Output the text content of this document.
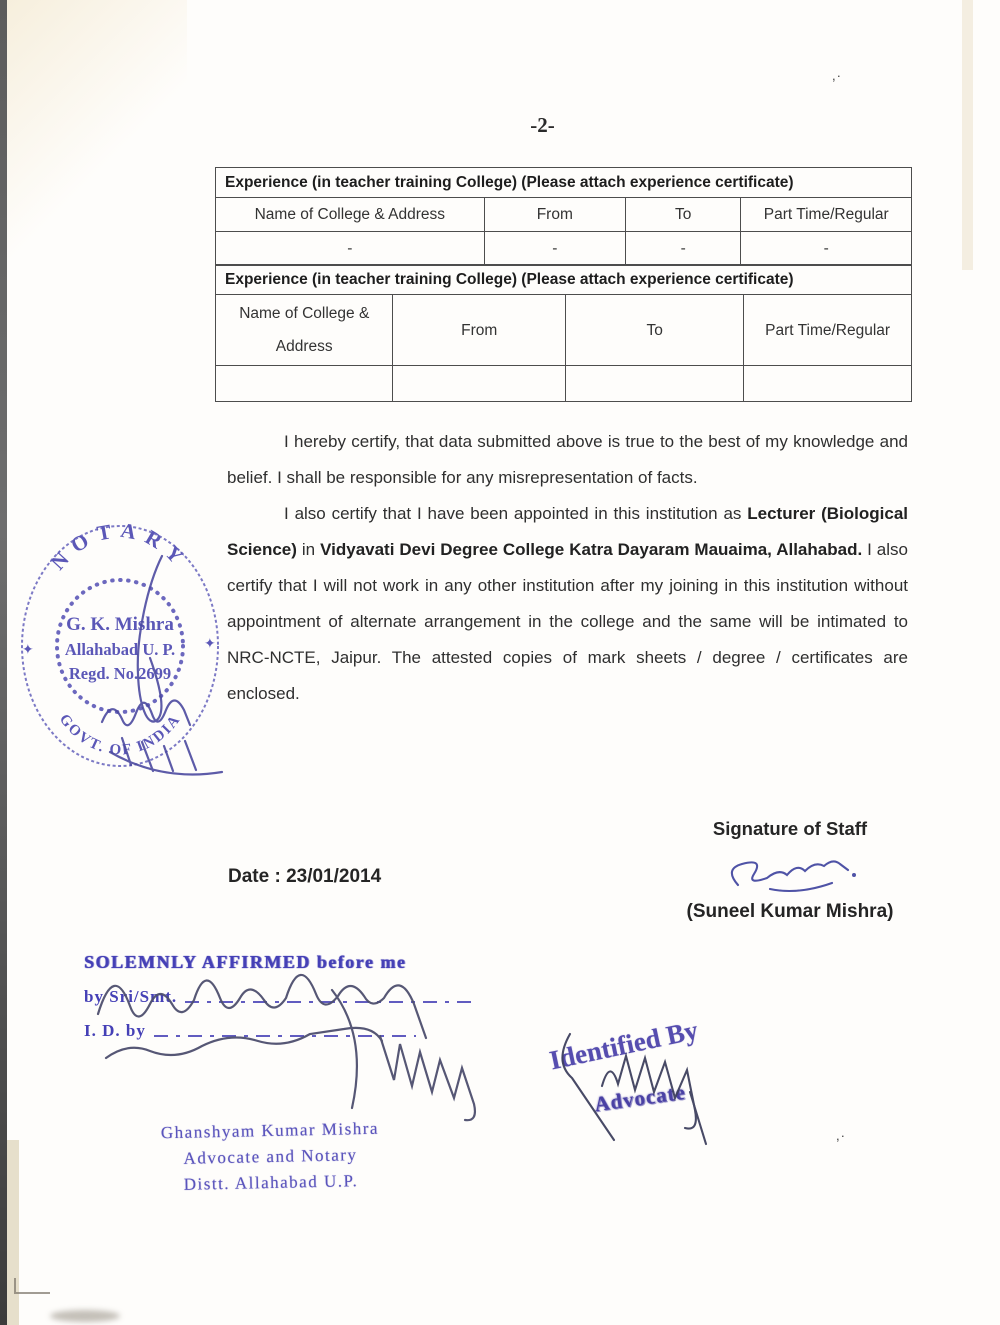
,·
,·
-2-
Experience (in teacher training College) (Please attach experience certificate)			
Name of College & Address	From	To	Part Time/Regular
-	-	-	-
Experience (in teacher training College) (Please attach experience certificate)			
Name of College & Address	From	To	Part Time/Regular

I hereby certify, that data submitted above is true to the best of my knowledge and belief. I shall be responsible for any misrepresentation of facts.

I also certify that I have been appointed in this institution as Lecturer (Biological Science) in Vidyavati Devi Degree College Katra Dayaram Mauaima, Allahabad. I also certify that I will not work in any other institution after my joining in this institution without appointment of alternate arrangement in the college and the same will be intimated to NRC-NCTE, Jaipur. The attested copies of mark sheets / degree / certificates are enclosed.

NOTARY
GOVT. OF INDIA
G. K. Mishra
Allahabad U. P.
Regd. No.2699
✦	✦
Signature of Staff
(Suneel Kumar Mishra)
Date : 23/01/2014
SOLEMNLY AFFIRMED before me
by Sri/Smt.
I. D. by
Ghanshyam Kumar Mishra
Advocate and Notary
Distt. Allahabad U.P.
Identified By
Advocate
